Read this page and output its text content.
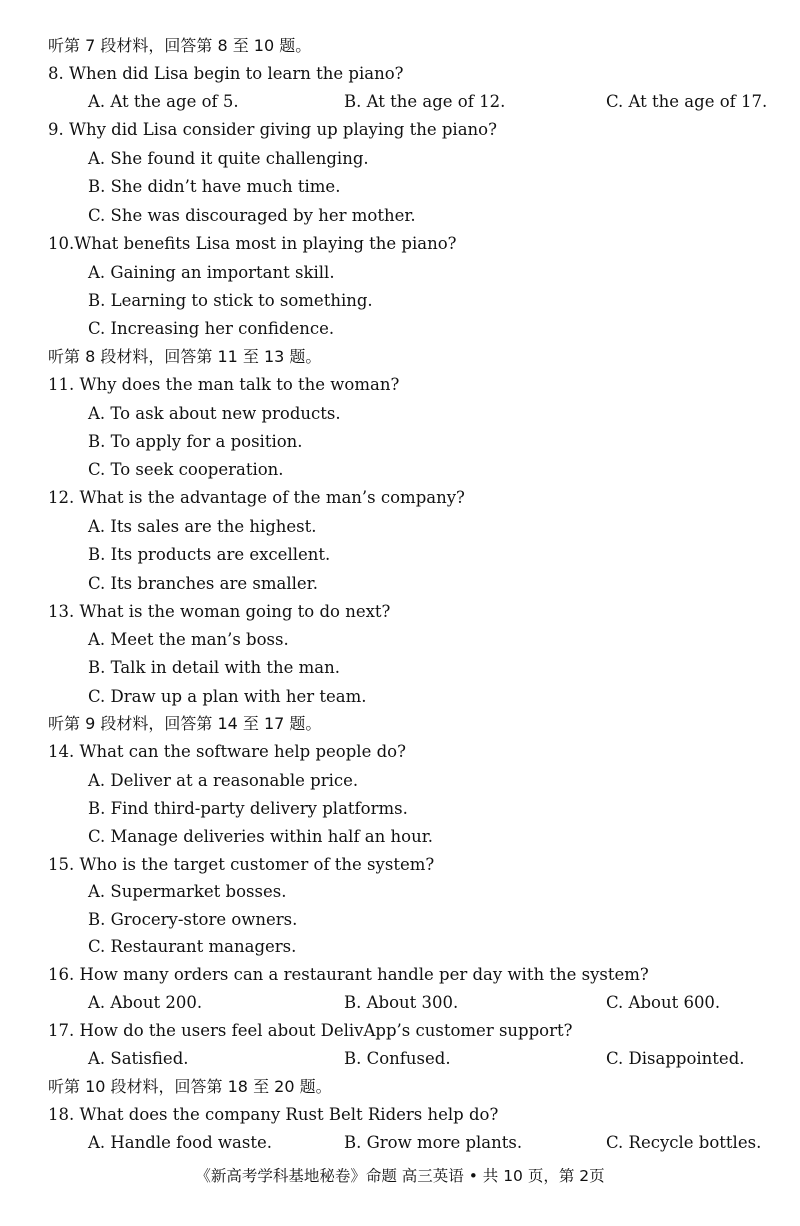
听第 7 段材料，回答第 8 至 10 题。
8. When did Lisa begin to learn the piano?
A. At the age of 5.	B. At the age of 12.	C. At the age of 17.
9. Why did Lisa consider giving up playing the piano?
A. She found it quite challenging.
B. She didn’t have much time.
C. She was discouraged by her mother.
10.What benefits Lisa most in playing the piano?
A. Gaining an important skill.
B. Learning to stick to something.
C. Increasing her confidence.
听第 8 段材料，回答第 11 至 13 题。
11. Why does the man talk to the woman?
A. To ask about new products.
B. To apply for a position.
C. To seek cooperation.
12. What is the advantage of the man’s company?
A. Its sales are the highest.
B. Its products are excellent.
C. Its branches are smaller.
13. What is the woman going to do next?
A. Meet the man’s boss.
B. Talk in detail with the man.
C. Draw up a plan with her team.
听第 9 段材料，回答第 14 至 17 题。
14. What can the software help people do?
A. Deliver at a reasonable price.
B. Find third-party delivery platforms.
C. Manage deliveries within half an hour.
15. Who is the target customer of the system?
A. Supermarket bosses.
B. Grocery-store owners.
C. Restaurant managers.
16. How many orders can a restaurant handle per day with the system?
A. About 200.	B. About 300.	C. About 600.
17. How do the users feel about DelivApp’s customer support?
A. Satisfied.	B. Confused.	C. Disappointed.
听第 10 段材料，回答第 18 至 20 题。
18. What does the company Rust Belt Riders help do?
A. Handle food waste.	B. Grow more plants.	C. Recycle bottles.
《新高考学科基地秘卷》命题 高三英语 • 共 10 页，第 2页
